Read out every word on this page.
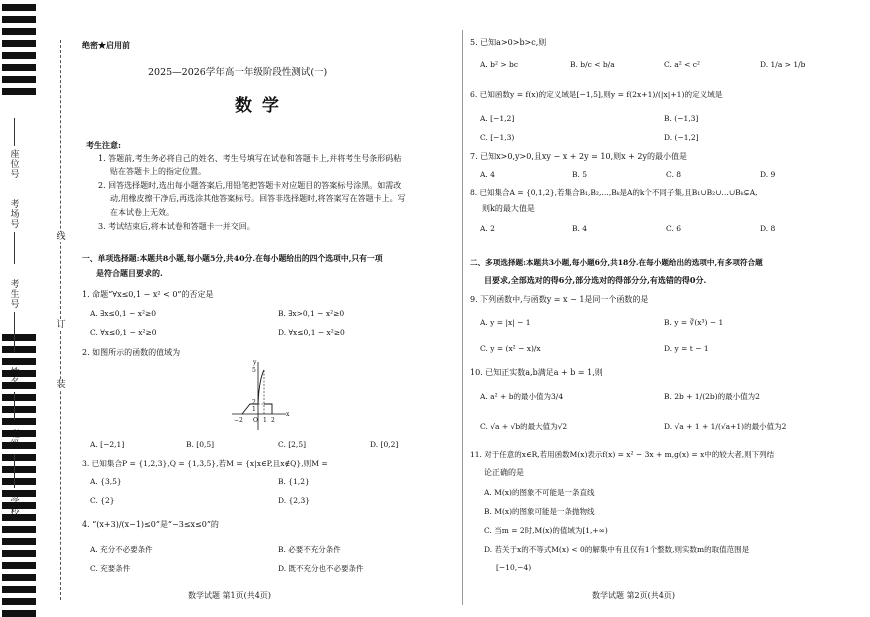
座位号
考场号
考生号
姓名
班级
学校
线
订
装
绝密★启用前
2025—2026学年高一年级阶段性测试(一)
数 学
考生注意:
1. 答题前,考生务必将自己的姓名、考生号填写在试卷和答题卡上,并将考生号条形码粘
贴在答题卡上的指定位置。
2. 回答选择题时,选出每小题答案后,用铅笔把答题卡对应题目的答案标号涂黑。如需改
动,用橡皮擦干净后,再选涂其他答案标号。回答非选择题时,将答案写在答题卡上。写
在本试卷上无效。
3. 考试结束后,将本试卷和答题卡一并交回。
一、单项选择题:本题共8小题,每小题5分,共40分.在每小题给出的四个选项中,只有一项
是符合题目要求的.
1. 命题“∀x≤0,1 − x² < 0”的否定是
A. ∃x≤0,1 − x²≥0	B. ∃x>0,1 − x²≥0
C. ∀x≤0,1 − x²≥0	D. ∀x≤0,1 − x²≥0
2. 如图所示的函数的值域为
y
x
O
−2	1 2
5
2
1
A. [−2,1]	B. [0,5]	C. [2,5]	D. [0,2]
3. 已知集合P = {1,2,3},Q = {1,3,5},若M = {x|x∈P,且x∉Q},则M =
A. {3,5}	B. {1,2}
C. {2}	D. {2,3}
4. “(x+3)/(x−1)≤0”是“−3≤x≤0”的
A. 充分不必要条件	B. 必要不充分条件
C. 充要条件	D. 既不充分也不必要条件
数学试题 第1页(共4页)
5. 已知a>0>b>c,则
A. b² > bc	B. b/c < b/a	C. a² < c²	D. 1/a > 1/b
6. 已知函数y = f(x)的定义域是[−1,5],则y = f(2x+1)/(|x|+1)的定义域是
A. [−1,2]	B. (−1,3]
C. [−1,3)	D. (−1,2]
7. 已知x>0,y>0,且xy − x + 2y = 10,则x + 2y的最小值是
A. 4	B. 5	C. 8	D. 9
8. 已知集合A = {0,1,2},若集合B₁,B₂,…,Bₖ是A的k个不同子集,且B₁∪B₂∪…∪Bₖ⊊A,
则k的最大值是
A. 2	B. 4	C. 6	D. 8
二、多项选择题:本题共3小题,每小题6分,共18分.在每小题给出的选项中,有多项符合题
目要求,全部选对的得6分,部分选对的得部分分,有选错的得0分.
9. 下列函数中,与函数y = x − 1是同一个函数的是
A. y = |x| − 1	B. y = ∛(x³) − 1
C. y = (x² − x)/x	D. y = t − 1
10. 已知正实数a,b满足a + b = 1,则
A. a² + b的最小值为3/4	B. 2b + 1/(2b)的最小值为2
C. √a + √b的最大值为√2	D. √a + 1 + 1/(√a+1)的最小值为2
11. 对于任意的x∈R,若用函数M(x)表示f(x) = x² − 3x + m,g(x) = x中的较大者,则下列结
论正确的是
A. M(x)的图象不可能是一条直线
B. M(x)的图象可能是一条抛物线
C. 当m = 2时,M(x)的值域为[1,+∞)
D. 若关于x的不等式M(x) < 0的解集中有且仅有1个整数,则实数m的取值范围是
[−10,−4)
数学试题 第2页(共4页)
